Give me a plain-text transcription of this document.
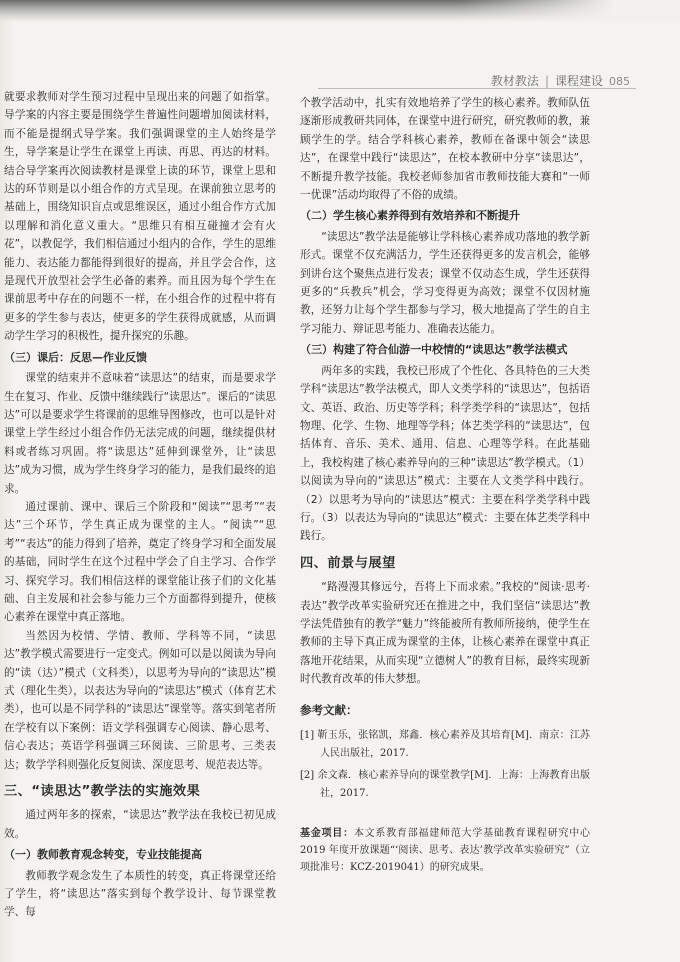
教材教法 | 课程建设 085

就要求教师对学生预习过程中呈现出来的问题了如指掌。导学案的内容主要是围绕学生普遍性问题增加阅读材料，而不能是提纲式导学案。我们强调课堂的主人始终是学生，导学案是让学生在课堂上再读、再思、再达的材料。结合导学案再次阅读教材是课堂上读的环节，课堂上思和达的环节则是以小组合作的方式呈现。在课前独立思考的基础上，围绕知识盲点或思维误区，通过小组合作方式加以理解和消化意义重大。“思维只有相互碰撞才会有火花”，以教促学，我们相信通过小组内的合作，学生的思维能力、表达能力都能得到很好的提高，并且学会合作，这是现代开放型社会学生必备的素养。而且因为每个学生在课前思考中存在的问题不一样，在小组合作的过程中将有更多的学生参与表达，使更多的学生获得成就感，从而调动学生学习的积极性，提升探究的乐趣。

（三）课后：反思—作业反馈

课堂的结束并不意味着“读思达”的结束，而是要求学生在复习、作业、反馈中继续践行“读思达”。课后的“读思达”可以是要求学生将课前的思维导图修改，也可以是针对课堂上学生经过小组合作仍无法完成的问题，继续提供材料或者练习巩固。将“读思达”延伸到课堂外，让“读思达”成为习惯，成为学生终身学习的能力，是我们最终的追求。

通过课前、课中、课后三个阶段和“阅读”“思考”“表达”三个环节，学生真正成为课堂的主人。“阅读”“思考”“表达”的能力得到了培养，奠定了终身学习和全面发展的基础，同时学生在这个过程中学会了自主学习、合作学习、探究学习。我们相信这样的课堂能让孩子们的文化基础、自主发展和社会参与能力三个方面都得到提升，使核心素养在课堂中真正落地。

当然因为校情、学情、教师、学科等不同，“读思达”教学模式需要进行一定变式。例如可以是以阅读为导向的“读（达）”模式（文科类），以思考为导向的“读思达”模式（理化生类），以表达为导向的“读思达”模式（体育艺术类），也可以是不同学科的“读思达”课堂等。落实到笔者所在学校有以下案例：语文学科强调专心阅读、静心思考、信心表达；英语学科强调三环阅读、三阶思考、三类表达；数学学科则强化反复阅读、深度思考、规范表达等。

三、“读思达”教学法的实施效果

通过两年多的探索，“读思达”教学法在我校已初见成效。

（一）教师教育观念转变，专业技能提高

教师教学观念发生了本质性的转变，真正将课堂还给了学生，将“读思达”落实到每个教学设计、每节课堂教学、每

个教学活动中，扎实有效地培养了学生的核心素养。教师队伍逐渐形成教研共同体，在课堂中进行研究，研究教师的教，兼顾学生的学。结合学科核心素养，教师在备课中领会“读思达”，在课堂中践行“读思达”，在校本教研中分享“读思达”，不断提升教学技能。我校老师参加省市教师技能大赛和“一师一优课”活动均取得了不俗的成绩。

（二）学生核心素养得到有效培养和不断提升

“读思达”教学法是能够让学科核心素养成功落地的教学新形式。课堂不仅充满活力，学生还获得更多的发言机会，能够到讲台这个聚焦点进行发表；课堂不仅动态生成，学生还获得更多的“兵教兵”机会，学习变得更为高效；课堂不仅因材施教，还努力让每个学生都参与学习，极大地提高了学生的自主学习能力、辩证思考能力、准确表达能力。

（三）构建了符合仙游一中校情的“读思达”教学法模式

两年多的实践，我校已形成了个性化、各具特色的三大类学科“读思达”教学法模式，即人文类学科的“读思达”，包括语文、英语、政治、历史等学科；科学类学科的“读思达”，包括物理、化学、生物、地理等学科；体艺类学科的“读思达”，包括体育、音乐、美术、通用、信息、心理等学科。在此基础上，我校构建了核心素养导向的三种“读思达”教学模式。（1）以阅读为导向的“读思达”模式：主要在人文类学科中践行。（2）以思考为导向的“读思达”模式：主要在科学类学科中践行。（3）以表达为导向的“读思达”模式：主要在体艺类学科中践行。

四、前景与展望

“路漫漫其修远兮，吾将上下而求索。”我校的“阅读·思考·表达”教学改革实验研究还在推进之中，我们坚信“读思达”教学法凭借独有的教学“魅力”终能被所有教师所接纳，使学生在教师的主导下真正成为课堂的主体，让核心素养在课堂中真正落地开花结果，从而实现“立德树人”的教育目标，最终实现新时代教育改革的伟大梦想。

参考文献：
[1] 靳玉乐，张铭凯，郑鑫．核心素养及其培育[M]．南京：江苏人民出版社，2017.
[2] 余文森．核心素养导向的课堂教学[M]．上海：上海教育出版社，2017.
基金项目：本文系教育部福建师范大学基础教育课程研究中心 2019 年度开放课题“‘阅读、思考、表达’教学改革实验研究”（立项批准号：KCZ-2019041）的研究成果。
